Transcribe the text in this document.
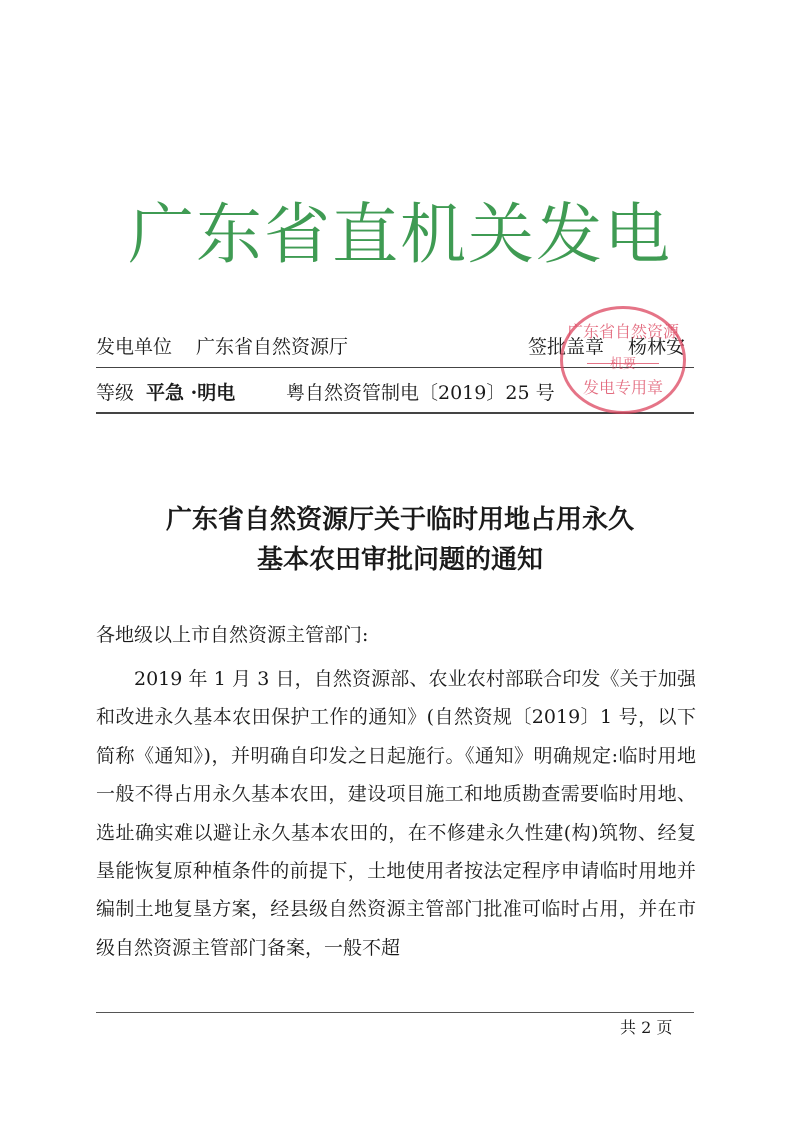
广东省直机关发电
发电单位 广东省自然资源厅	签批盖章 杨林安
等级 平急 ·明电	粤自然资管制电〔2019〕25 号
广东省自然资源
机要
发电专用章
广东省自然资源厅关于临时用地占用永久
基本农田审批问题的通知
各地级以上市自然资源主管部门:
2019 年 1 月 3 日，自然资源部、农业农村部联合印发《关于加强和改进永久基本农田保护工作的通知》(自然资规〔2019〕1 号，以下简称《通知》)，并明确自印发之日起施行。《通知》明确规定:临时用地一般不得占用永久基本农田，建设项目施工和地质勘查需要临时用地、选址确实难以避让永久基本农田的，在不修建永久性建(构)筑物、经复垦能恢复原种植条件的前提下，土地使用者按法定程序申请临时用地并编制土地复垦方案，经县级自然资源主管部门批准可临时占用，并在市级自然资源主管部门备案，一般不超
共 2 页
